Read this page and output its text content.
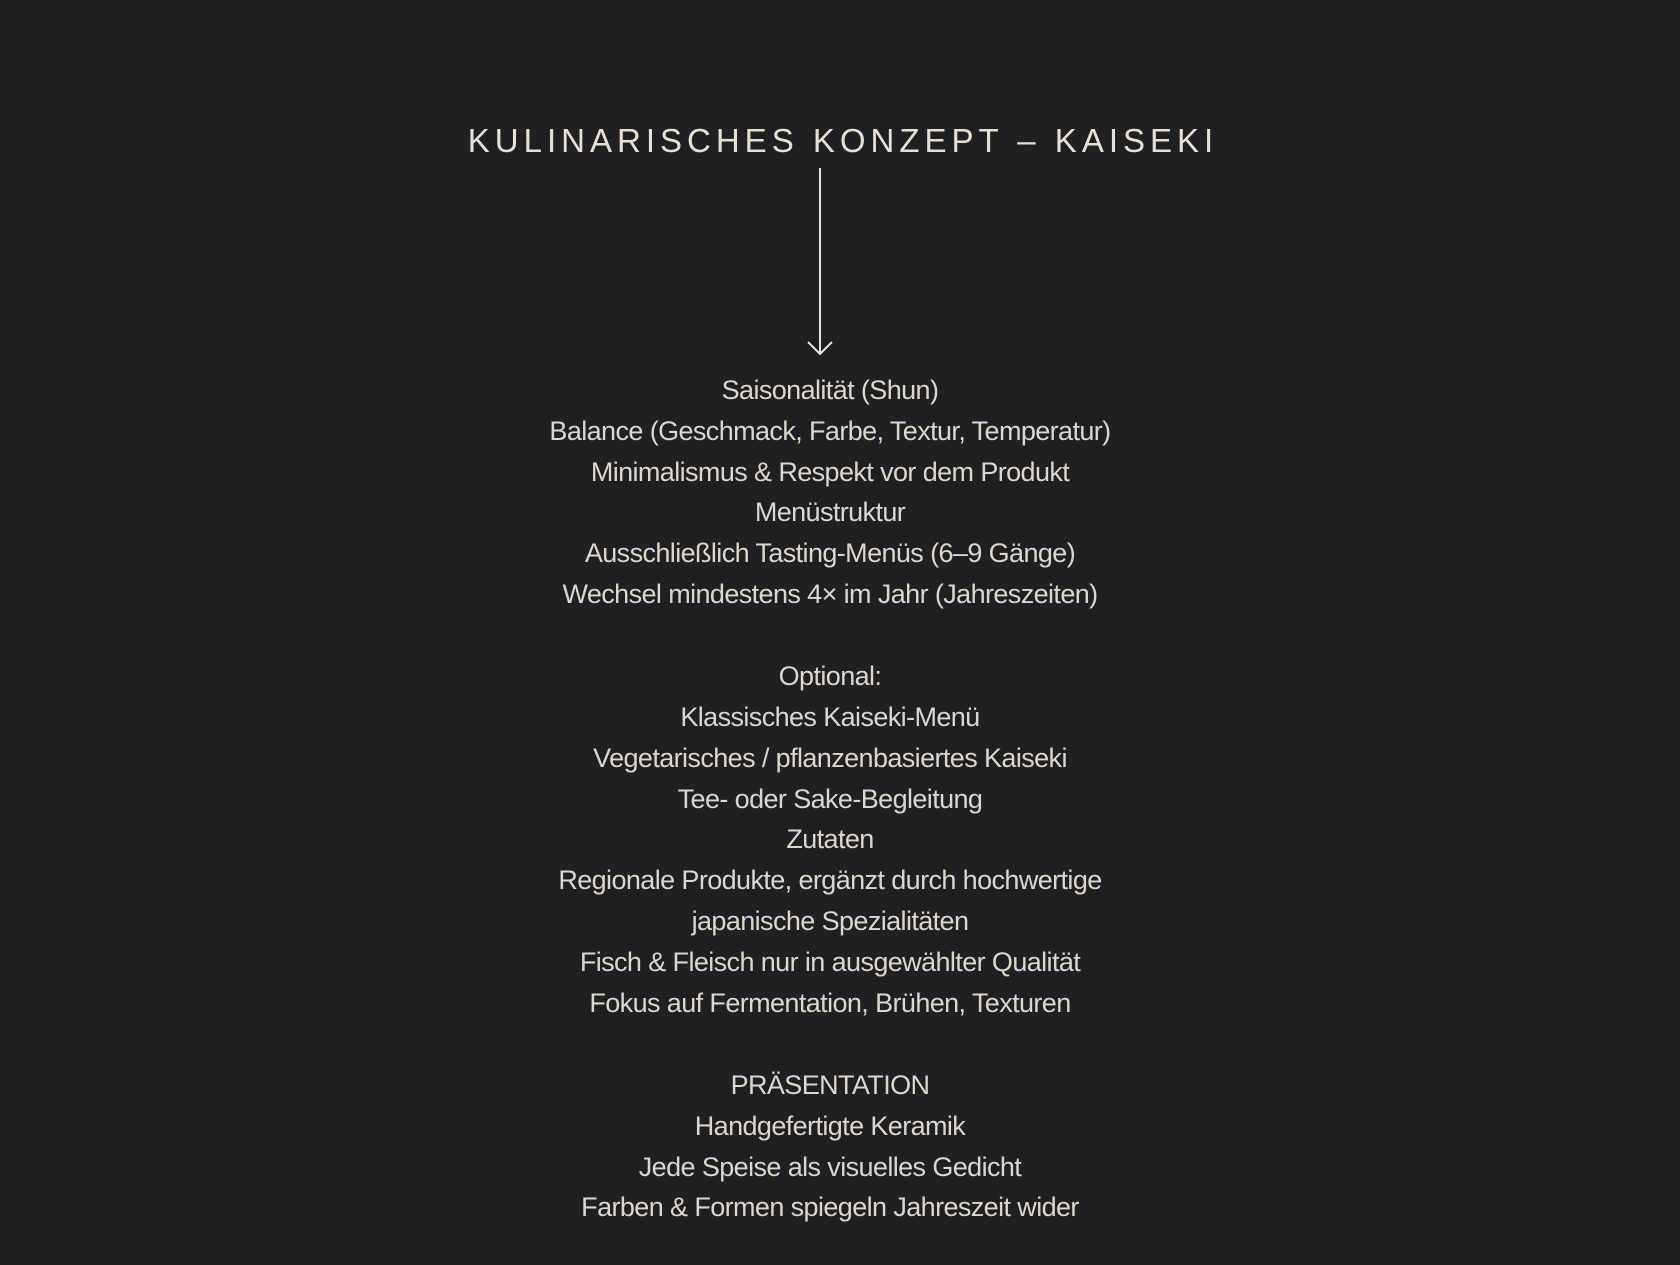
KULINARISCHES KONZEPT – KAISEKI
Saisonalität (Shun)
Balance (Geschmack, Farbe, Textur, Temperatur)
Minimalismus & Respekt vor dem Produkt
Menüstruktur
Ausschließlich Tasting-Menüs (6–9 Gänge)
Wechsel mindestens 4× im Jahr (Jahreszeiten)
Optional:
Klassisches Kaiseki-Menü
Vegetarisches / pflanzenbasiertes Kaiseki
Tee- oder Sake-Begleitung
Zutaten
Regionale Produkte, ergänzt durch hochwertige
japanische Spezialitäten
Fisch & Fleisch nur in ausgewählter Qualität
Fokus auf Fermentation, Brühen, Texturen
PRÄSENTATION
Handgefertigte Keramik
Jede Speise als visuelles Gedicht
Farben & Formen spiegeln Jahreszeit wider
